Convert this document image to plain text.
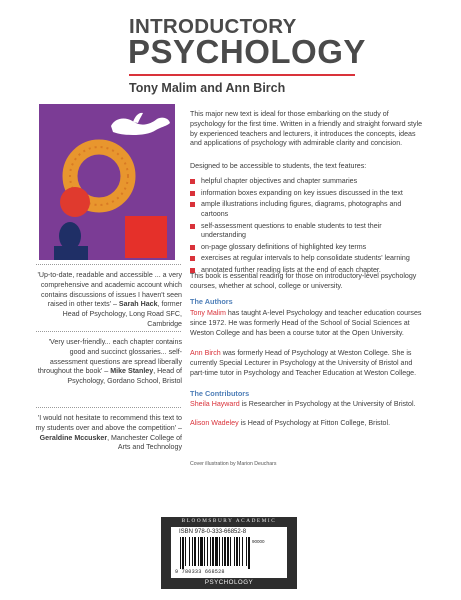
INTRODUCTORY
PSYCHOLOGY
Tony Malim and Ann Birch
This major new text is ideal for those embarking on the study of psychology for the first time. Written in a friendly and straight forward style by experienced teachers and lecturers, it introduces the concepts, ideas and applications of psychology with admirable clarity and concision.
Designed to be accessible to students, the text features:
helpful chapter objectives and chapter summaries
information boxes expanding on key issues discussed in the text
ample illustrations including figures, diagrams, photographs and cartoons
self-assessment questions to enable students to test their understanding
on-page glossary definitions of highlighted key terms
exercises at regular intervals to help consolidate students' learning
annotated further reading lists at the end of each chapter.
This book is essential reading for those on introductory-level psychology courses, whether at school, college or university.
The Authors
Tony Malim has taught A-level Psychology and teacher education courses since 1972. He was formerly Head of the School of Social Sciences at Weston College and has been a course tutor at the Open University.
Ann Birch was formerly Head of Psychology at Weston College. She is currently Special Lecturer in Psychology at the University of Bristol and part-time tutor in Psychology and Teacher Education at Weston College.
The Contributors
Sheila Hayward is Researcher in Psychology at the University of Bristol.
Alison Wadeley is Head of Psychology at Fitton College, Bristol.
Cover illustration by Marion Deuchars
'Up-to-date, readable and accessible ... a very comprehensive and academic account which contains discussions of issues I haven't seen raised in other texts' – Sarah Hack, former Head of Psychology, Long Road SFC, Cambridge
'Very user-friendly... each chapter contains good and succinct glossaries... self-assessment questions are spread liberally throughout the book' – Mike Stanley, Head of Psychology, Gordano School, Bristol
'I would not hesitate to recommend this text to my students over and above the competition' – Geraldine Mccusker, Manchester College of Arts and Technology
BLOOMSBURY ACADEMIC
ISBN 978-0-333-66852-8
90000
9 780333 668528
PSYCHOLOGY
